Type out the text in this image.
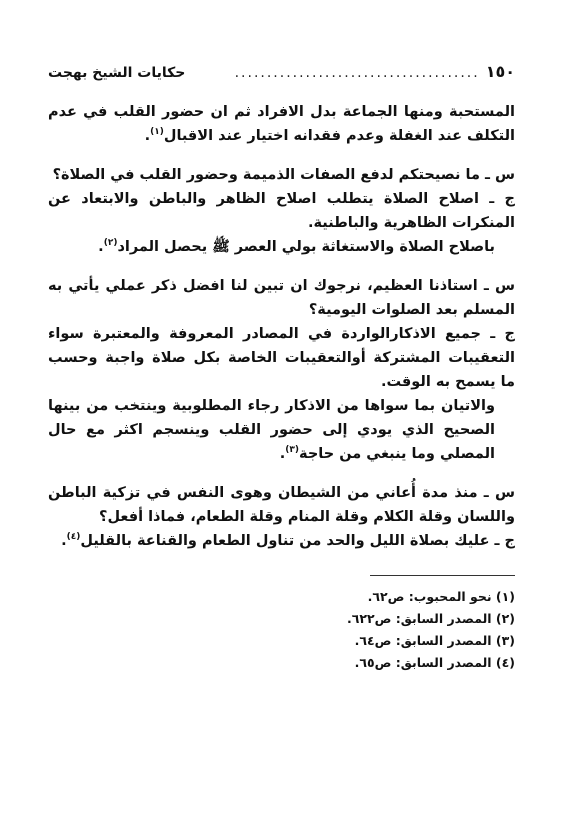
١٥٠
......................................
حكايات الشيخ بهجت

المستحبة ومنها الجماعة بدل الافراد ثم ان حضور القلب في عدم التكلف عند الغفلة وعدم فقدانه اختيار عند الاقبال$^{(١)}$.

س ـ ما نصيحتكم لدفع الصفات الذميمة وحضور القلب في الصلاة؟

ج ـ اصلاح الصلاة يتطلب اصلاح الظاهر والباطن والابتعاد عن المنكرات الظاهرية والباطنية.

باصلاح الصلاة والاستغاثة بولي العصر ﷺ يحصل المراد$^{(٢)}$.

س ـ استاذنا العظيم، نرجوك ان تبين لنا افضل ذكر عملي يأتي به المسلم بعد الصلوات اليومية؟

ج ـ جميع الاذكارالواردة في المصادر المعروفة والمعتبرة سواء التعقيبات المشتركة أوالتعقيبات الخاصة بكل صلاة واجبة وحسب ما يسمح به الوقت.

والاتيان بما سواها من الاذكار رجاء المطلوبية وينتخب من بينها الصحيح الذي يودي إلى حضور القلب وينسجم اكثر مع حال المصلي وما ينبغي من حاجة$^{(٣)}$.

س ـ منذ مدة أُعاني من الشيطان وهوى النفس في تزكية الباطن واللسان وقلة الكلام وقلة المنام وقلة الطعام، فماذا أفعل؟

ج ـ عليك بصلاة الليل والحد من تناول الطعام والقناعة بالقليل$^{(٤)}$.

(١) نحو المحبوب: ص٦٢.

(٢) المصدر السابق: ص٦٢٢.

(٣) المصدر السابق: ص٦٤.

(٤) المصدر السابق: ص٦٥.
